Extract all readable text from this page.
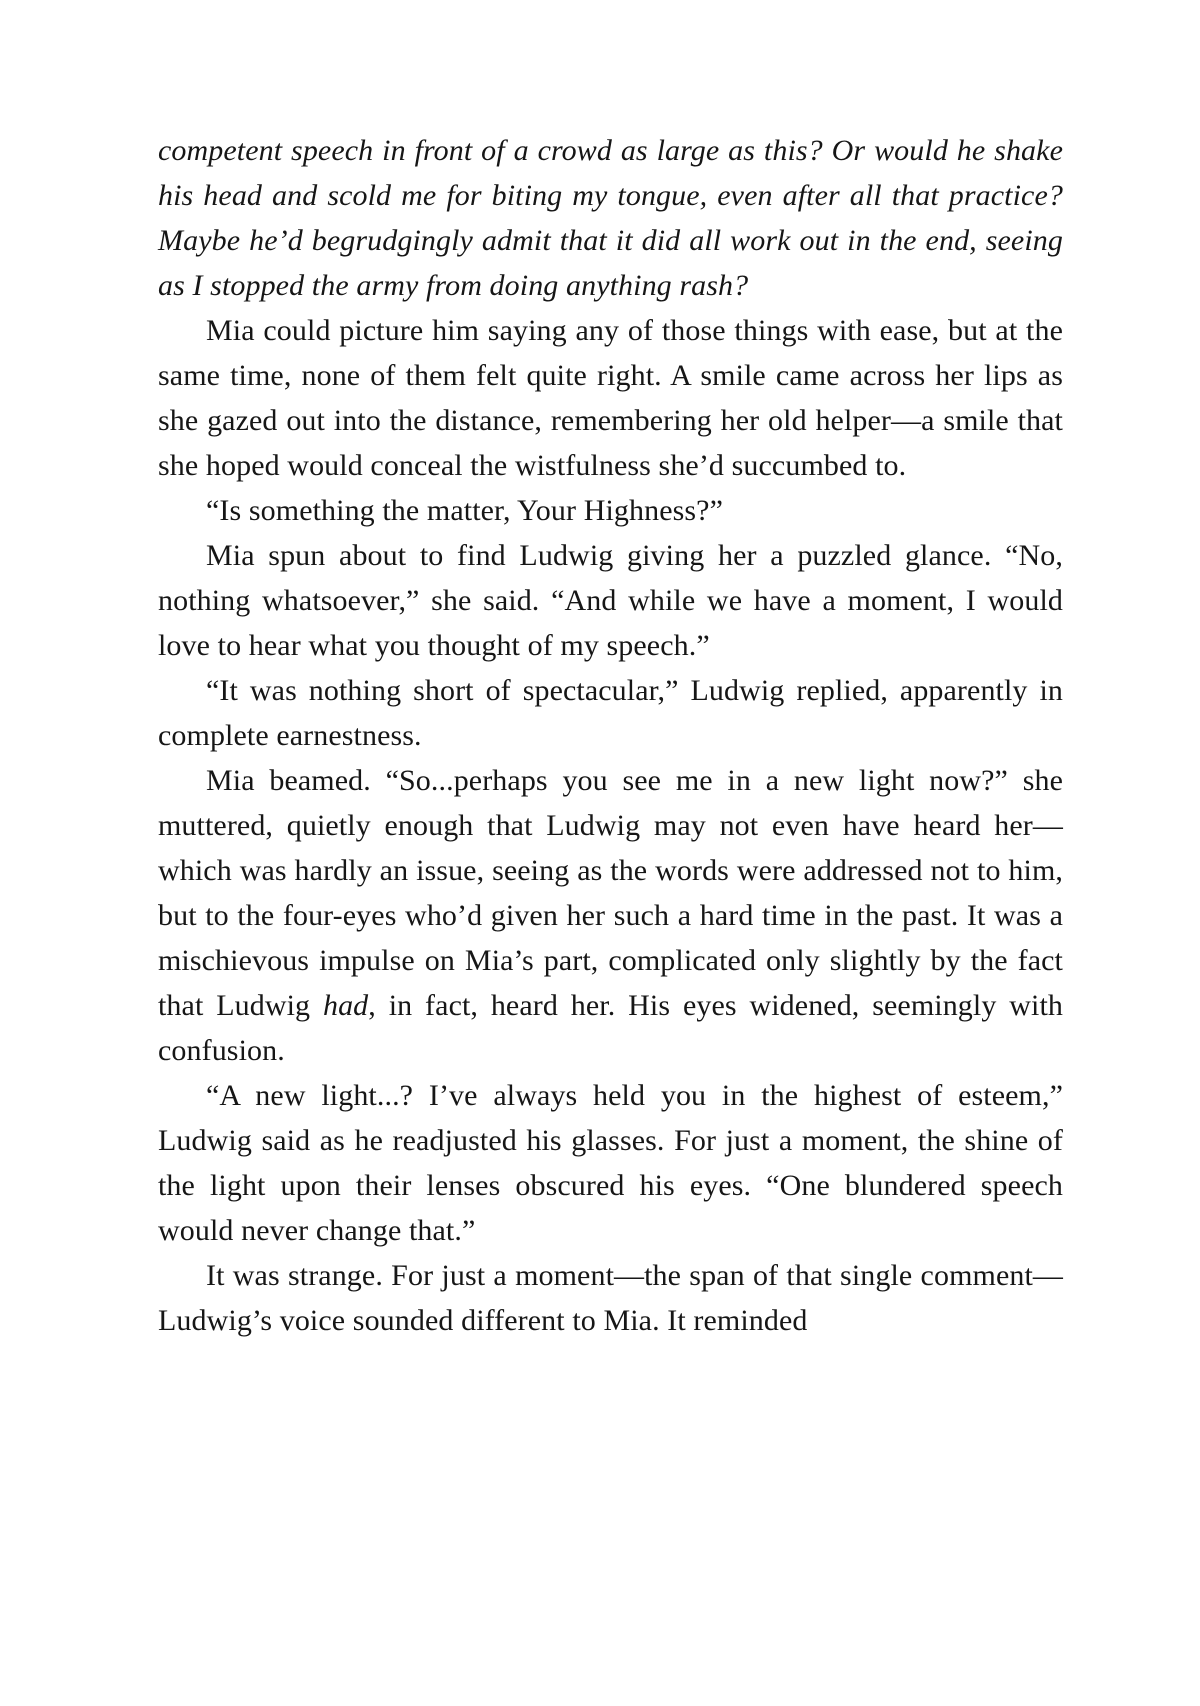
competent speech in front of a crowd as large as this? Or would he shake his head and scold me for biting my tongue, even after all that practice? Maybe he’d begrudgingly admit that it did all work out in the end, seeing as I stopped the army from doing anything rash?

Mia could picture him saying any of those things with ease, but at the same time, none of them felt quite right. A smile came across her lips as she gazed out into the distance, remembering her old helper—a smile that she hoped would conceal the wistfulness she’d succumbed to.

“Is something the matter, Your Highness?”

Mia spun about to find Ludwig giving her a puzzled glance. “No, nothing whatsoever,” she said. “And while we have a moment, I would love to hear what you thought of my speech.”

“It was nothing short of spectacular,” Ludwig replied, apparently in complete earnestness.

Mia beamed. “So...perhaps you see me in a new light now?” she muttered, quietly enough that Ludwig may not even have heard her—which was hardly an issue, seeing as the words were addressed not to him, but to the four-eyes who’d given her such a hard time in the past. It was a mischievous impulse on Mia’s part, complicated only slightly by the fact that Ludwig had, in fact, heard her. His eyes widened, seemingly with confusion.

“A new light...? I’ve always held you in the highest of esteem,” Ludwig said as he readjusted his glasses. For just a moment, the shine of the light upon their lenses obscured his eyes. “One blundered speech would never change that.”

It was strange. For just a moment—the span of that single comment—Ludwig’s voice sounded different to Mia. It reminded
